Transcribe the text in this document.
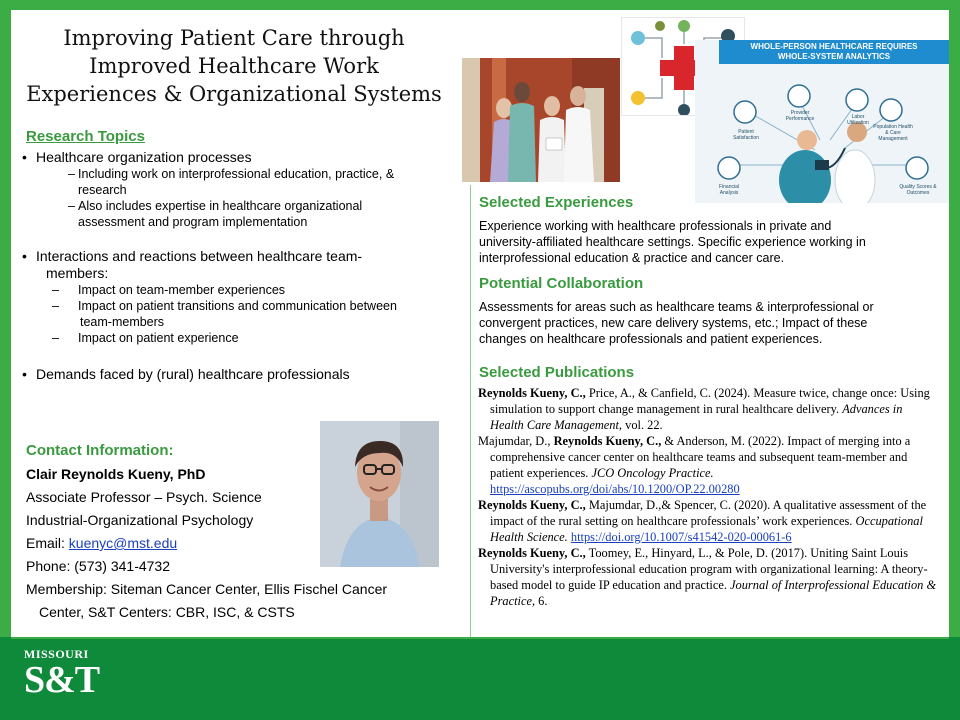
Improving Patient Care through
Improved Healthcare Work
Experiences & Organizational Systems
Research Topics
• Healthcare organization processes
– Including work on interprofessional education, practice, &
research
– Also includes expertise in healthcare organizational
assessment and program implementation
• Interactions and reactions between healthcare team-
members:
– Impact on team-member experiences
– Impact on patient transitions and communication between
team-members
– Impact on patient experience
• Demands faced by (rural) healthcare professionals
Contact Information:
Clair Reynolds Kueny, PhD
Associate Professor – Psych. Science
Industrial-Organizational Psychology
Email: kuenyc@mst.edu
Phone: (573) 341-4732
Membership: Siteman Cancer Center, Ellis Fischel Cancer
Center, S&T Centers: CBR, ISC, & CSTS
WHOLE-PERSON HEALTHCARE REQUIRES
WHOLE-SYSTEM ANALYTICS
Patient Satisfaction
Provider Performance	Labor Utilization
Population Health & Care Management
Financial Analysis
Quality Scores & Outcomes
Selected Experiences
Experience working with healthcare professionals in private and
university-affiliated healthcare settings. Specific experience working in
interprofessional education & practice and cancer care.
Potential Collaboration
Assessments for areas such as healthcare teams & interprofessional or
convergent practices, new care delivery systems, etc.; Impact of these
changes on healthcare professionals and patient experiences.
Selected Publications
Reynolds Kueny, C., Price, A., & Canfield, C. (2024). Measure twice, change once: Using simulation to support change management in rural healthcare delivery. Advances in Health Care Management, vol. 22.
Majumdar, D., Reynolds Kueny, C., & Anderson, M. (2022). Impact of merging into a comprehensive cancer center on healthcare teams and subsequent team-member and patient experiences. JCO Oncology Practice. https://ascopubs.org/doi/abs/10.1200/OP.22.00280
Reynolds Kueny, C., Majumdar, D.,& Spencer, C. (2020). A qualitative assessment of the impact of the rural setting on healthcare professionals’ work experiences. Occupational Health Science. https://doi.org/10.1007/s41542-020-00061-6
Reynolds Kueny, C., Toomey, E., Hinyard, L., & Pole, D. (2017). Uniting Saint Louis University's interprofessional education program with organizational learning: A theory-based model to guide IP education and practice. Journal of Interprofessional Education & Practice, 6.
MISSOURI
S&T
